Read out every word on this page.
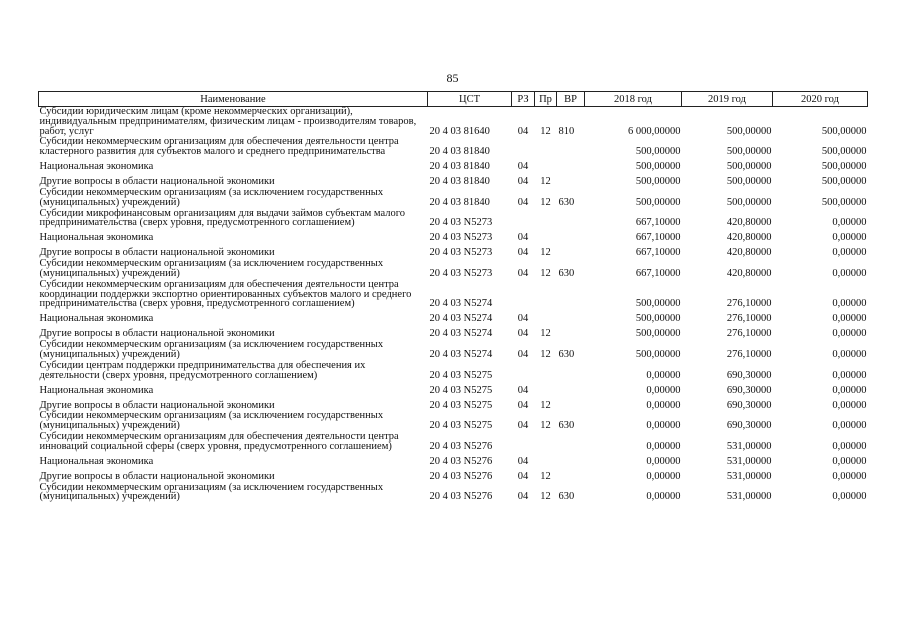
85
Наименование	ЦСТ	РЗ	Пр	ВР	2018 год	2019 год	2020 год
Субсидии юридическим лицам (кроме некоммерческих организаций), индивидуальным предпринимателям, физическим лицам - производителям товаров, работ, услуг	20 4 03 81640	04	12	810	6 000,00000	500,00000	500,00000
Субсидии некоммерческим организациям для обеспечения деятельности центра кластерного развития для субъектов малого и среднего предпринимательства	20 4 03 81840				500,00000	500,00000	500,00000
Национальная экономика	20 4 03 81840	04			500,00000	500,00000	500,00000
Другие вопросы в области национальной экономики	20 4 03 81840	04	12		500,00000	500,00000	500,00000
Субсидии некоммерческим организациям (за исключением государственных (муниципальных) учреждений)	20 4 03 81840	04	12	630	500,00000	500,00000	500,00000
Субсидии микрофинансовым организациям для выдачи займов субъектам малого предпринимательства (сверх уровня, предусмотренного соглашением)	20 4 03 N5273				667,10000	420,80000	0,00000
Национальная экономика	20 4 03 N5273	04			667,10000	420,80000	0,00000
Другие вопросы в области национальной экономики	20 4 03 N5273	04	12		667,10000	420,80000	0,00000
Субсидии некоммерческим организациям (за исключением государственных (муниципальных) учреждений)	20 4 03 N5273	04	12	630	667,10000	420,80000	0,00000
Субсидии некоммерческим организациям для обеспечения деятельности центра координации поддержки экспортно ориентированных субъектов малого и среднего предпринимательства (сверх уровня, предусмотренного соглашением)	20 4 03 N5274				500,00000	276,10000	0,00000
Национальная экономика	20 4 03 N5274	04			500,00000	276,10000	0,00000
Другие вопросы в области национальной экономики	20 4 03 N5274	04	12		500,00000	276,10000	0,00000
Субсидии некоммерческим организациям (за исключением государственных (муниципальных) учреждений)	20 4 03 N5274	04	12	630	500,00000	276,10000	0,00000
Субсидии центрам поддержки предпринимательства для обеспечения их деятельности (сверх уровня, предусмотренного соглашением)	20 4 03 N5275				0,00000	690,30000	0,00000
Национальная экономика	20 4 03 N5275	04			0,00000	690,30000	0,00000
Другие вопросы в области национальной экономики	20 4 03 N5275	04	12		0,00000	690,30000	0,00000
Субсидии некоммерческим организациям (за исключением государственных (муниципальных) учреждений)	20 4 03 N5275	04	12	630	0,00000	690,30000	0,00000
Субсидии некоммерческим организациям для обеспечения деятельности центра инноваций социальной сферы (сверх уровня, предусмотренного соглашением)	20 4 03 N5276				0,00000	531,00000	0,00000
Национальная экономика	20 4 03 N5276	04			0,00000	531,00000	0,00000
Другие вопросы в области национальной экономики	20 4 03 N5276	04	12		0,00000	531,00000	0,00000
Субсидии некоммерческим организациям (за исключением государственных (муниципальных) учреждений)	20 4 03 N5276	04	12	630	0,00000	531,00000	0,00000
